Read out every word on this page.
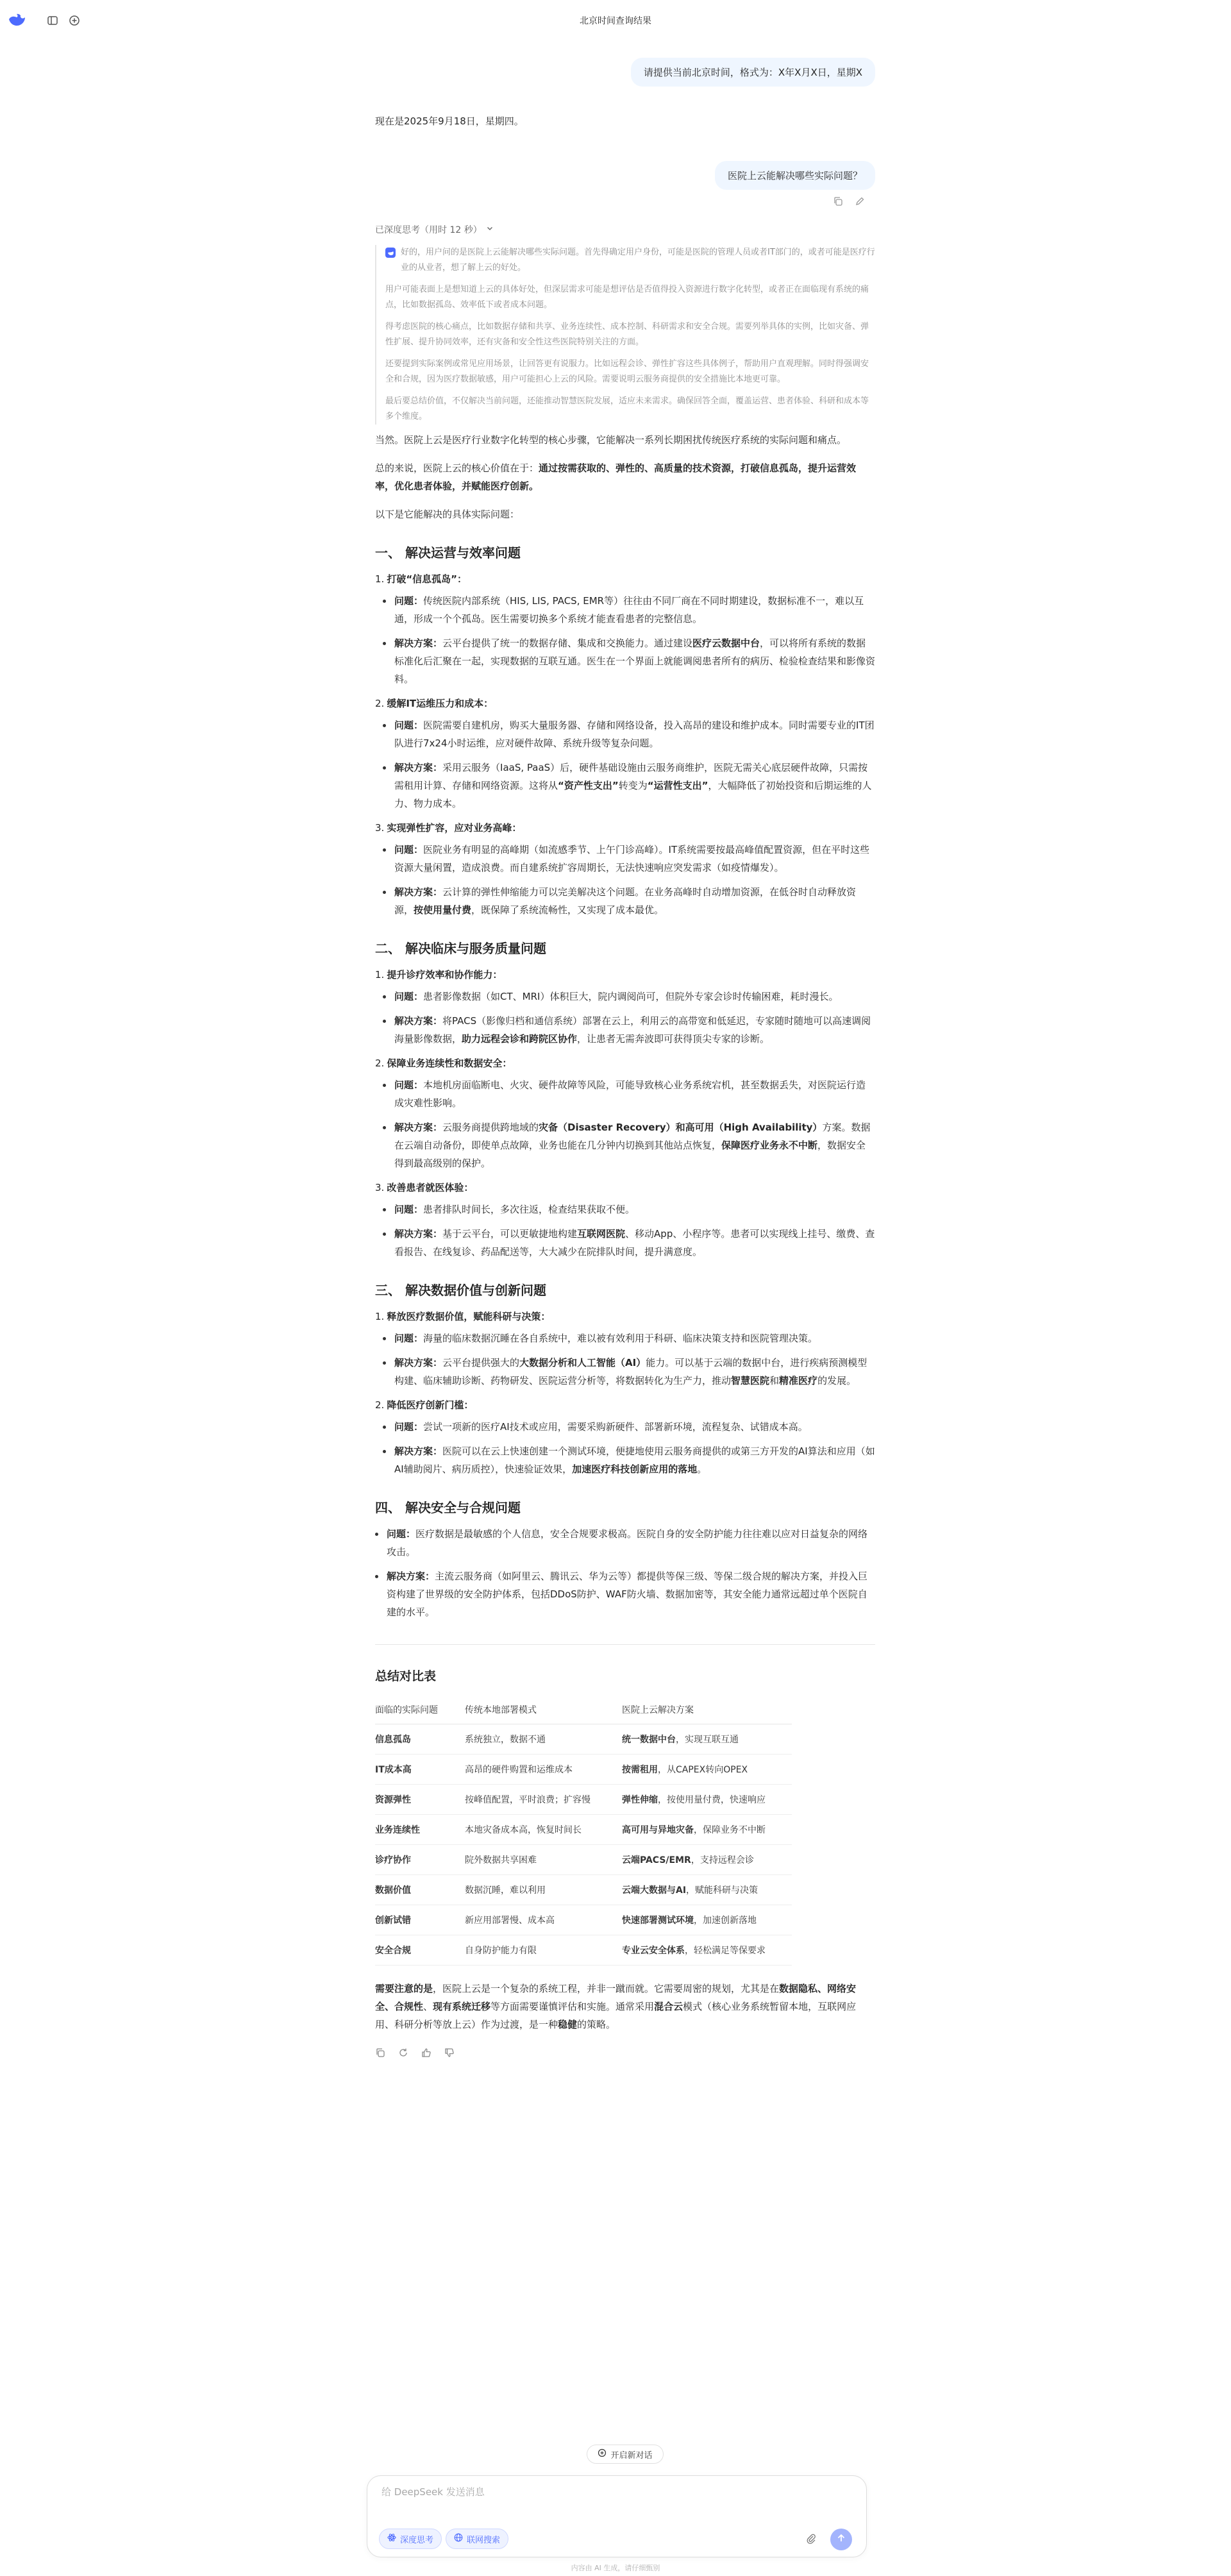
北京时间查询结果
请提供当前北京时间，格式为：X年X月X日，星期X

现在是2025年9月18日，星期四。

医院上云能解决哪些实际问题？
已深度思考（用时 12 秒）

好的，用户问的是医院上云能解决哪些实际问题。首先得确定用户身份，可能是医院的管理人员或者IT部门的，或者可能是医疗行业的从业者，想了解上云的好处。

用户可能表面上是想知道上云的具体好处，但深层需求可能是想评估是否值得投入资源进行数字化转型，或者正在面临现有系统的痛点，比如数据孤岛、效率低下或者成本问题。

得考虑医院的核心痛点，比如数据存储和共享、业务连续性、成本控制、科研需求和安全合规。需要列举具体的实例，比如灾备、弹性扩展、提升协同效率，还有灾备和安全性这些医院特别关注的方面。

还要提到实际案例或常见应用场景，让回答更有说服力。比如远程会诊、弹性扩容这些具体例子，帮助用户直观理解。同时得强调安全和合规，因为医疗数据敏感，用户可能担心上云的风险。需要说明云服务商提供的安全措施比本地更可靠。

最后要总结价值，不仅解决当前问题，还能推动智慧医院发展，适应未来需求。确保回答全面，覆盖运营、患者体验、科研和成本等多个维度。

当然。医院上云是医疗行业数字化转型的核心步骤，它能解决一系列长期困扰传统医疗系统的实际问题和痛点。

总的来说，医院上云的核心价值在于：通过按需获取的、弹性的、高质量的技术资源，打破信息孤岛，提升运营效率，优化患者体验，并赋能医疗创新。

以下是它能解决的具体实际问题：

一、 解决运营与效率问题
1. 打破“信息孤岛”：
问题：传统医院内部系统（HIS, LIS, PACS, EMR等）往往由不同厂商在不同时期建设，数据标准不一，难以互通，形成一个个孤岛。医生需要切换多个系统才能查看患者的完整信息。
解决方案：云平台提供了统一的数据存储、集成和交换能力。通过建设医疗云数据中台，可以将所有系统的数据标准化后汇聚在一起，实现数据的互联互通。医生在一个界面上就能调阅患者所有的病历、检验检查结果和影像资料。
2. 缓解IT运维压力和成本：
问题：医院需要自建机房，购买大量服务器、存储和网络设备，投入高昂的建设和维护成本。同时需要专业的IT团队进行7x24小时运维，应对硬件故障、系统升级等复杂问题。
解决方案：采用云服务（IaaS, PaaS）后，硬件基础设施由云服务商维护，医院无需关心底层硬件故障，只需按需租用计算、存储和网络资源。这将从“资产性支出”转变为“运营性支出”，大幅降低了初始投资和后期运维的人力、物力成本。
3. 实现弹性扩容，应对业务高峰：
问题：医院业务有明显的高峰期（如流感季节、上午门诊高峰）。IT系统需要按最高峰值配置资源，但在平时这些资源大量闲置，造成浪费。而自建系统扩容周期长，无法快速响应突发需求（如疫情爆发）。
解决方案：云计算的弹性伸缩能力可以完美解决这个问题。在业务高峰时自动增加资源，在低谷时自动释放资源，按使用量付费，既保障了系统流畅性，又实现了成本最优。
二、 解决临床与服务质量问题
1. 提升诊疗效率和协作能力：
问题：患者影像数据（如CT、MRI）体积巨大，院内调阅尚可，但院外专家会诊时传输困难，耗时漫长。
解决方案：将PACS（影像归档和通信系统）部署在云上，利用云的高带宽和低延迟，专家随时随地可以高速调阅海量影像数据，助力远程会诊和跨院区协作，让患者无需奔波即可获得顶尖专家的诊断。
2. 保障业务连续性和数据安全：
问题：本地机房面临断电、火灾、硬件故障等风险，可能导致核心业务系统宕机，甚至数据丢失，对医院运行造成灾难性影响。
解决方案：云服务商提供跨地域的灾备（Disaster Recovery）和高可用（High Availability）方案。数据在云端自动备份，即使单点故障，业务也能在几分钟内切换到其他站点恢复，保障医疗业务永不中断，数据安全得到最高级别的保护。
3. 改善患者就医体验：
问题：患者排队时间长，多次往返，检查结果获取不便。
解决方案：基于云平台，可以更敏捷地构建互联网医院、移动App、小程序等。患者可以实现线上挂号、缴费、查看报告、在线复诊、药品配送等，大大减少在院排队时间，提升满意度。
三、 解决数据价值与创新问题
1. 释放医疗数据价值，赋能科研与决策：
问题：海量的临床数据沉睡在各自系统中，难以被有效利用于科研、临床决策支持和医院管理决策。
解决方案：云平台提供强大的大数据分析和人工智能（AI）能力。可以基于云端的数据中台，进行疾病预测模型构建、临床辅助诊断、药物研发、医院运营分析等，将数据转化为生产力，推动智慧医院和精准医疗的发展。
2. 降低医疗创新门槛：
问题：尝试一项新的医疗AI技术或应用，需要采购新硬件、部署新环境，流程复杂、试错成本高。
解决方案：医院可以在云上快速创建一个测试环境，便捷地使用云服务商提供的或第三方开发的AI算法和应用（如AI辅助阅片、病历质控），快速验证效果，加速医疗科技创新应用的落地。
四、 解决安全与合规问题
问题：医疗数据是最敏感的个人信息，安全合规要求极高。医院自身的安全防护能力往往难以应对日益复杂的网络攻击。
解决方案：主流云服务商（如阿里云、腾讯云、华为云等）都提供等保三级、等保二级合规的解决方案，并投入巨资构建了世界级的安全防护体系，包括DDoS防护、WAF防火墙、数据加密等，其安全能力通常远超过单个医院自建的水平。
总结对比表
面临的实际问题	传统本地部署模式	医院上云解决方案
信息孤岛	系统独立，数据不通	统一数据中台，实现互联互通
IT成本高	高昂的硬件购置和运维成本	按需租用，从CAPEX转向OPEX
资源弹性	按峰值配置，平时浪费；扩容慢	弹性伸缩，按使用量付费，快速响应
业务连续性	本地灾备成本高，恢复时间长	高可用与异地灾备，保障业务不中断
诊疗协作	院外数据共享困难	云端PACS/EMR，支持远程会诊
数据价值	数据沉睡，难以利用	云端大数据与AI，赋能科研与决策
创新试错	新应用部署慢、成本高	快速部署测试环境，加速创新落地
安全合规	自身防护能力有限	专业云安全体系，轻松满足等保要求

需要注意的是，医院上云是一个复杂的系统工程，并非一蹴而就。它需要周密的规划，尤其是在数据隐私、网络安全、合规性、现有系统迁移等方面需要谨慎评估和实施。通常采用混合云模式（核心业务系统暂留本地，互联网应用、科研分析等放上云）作为过渡，是一种稳健的策略。

开启新对话
给 DeepSeek 发送消息
深度思考	联网搜索
内容由 AI 生成，请仔细甄别
